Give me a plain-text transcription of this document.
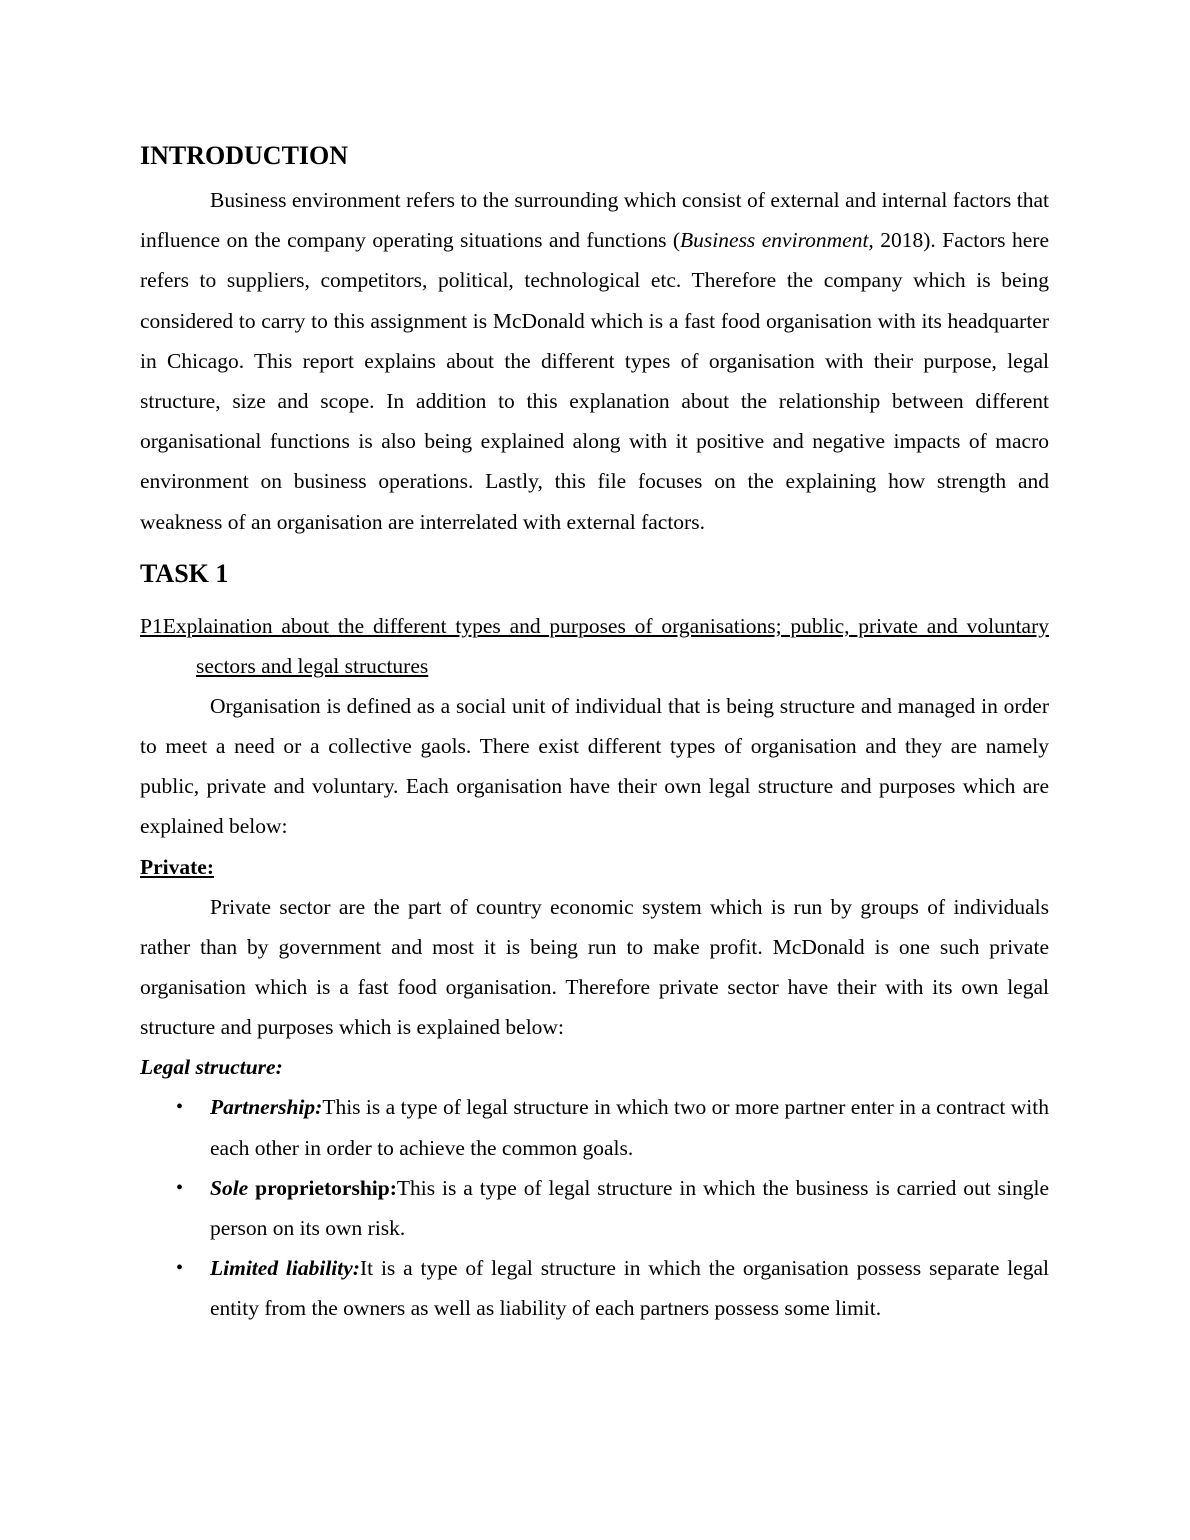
INTRODUCTION

Business environment refers to the surrounding which consist of external and internal factors that influence on the company operating situations and functions (Business environment, 2018). Factors here refers to suppliers, competitors, political, technological etc. Therefore the company which is being considered to carry to this assignment is McDonald which is a fast food organisation with its headquarter in Chicago. This report explains about the different types of organisation with their purpose, legal structure, size and scope. In addition to this explanation about the relationship between different organisational functions is also being explained along with it positive and negative impacts of macro environment on business operations. Lastly, this file focuses on the explaining how strength and weakness of an organisation are interrelated with external factors.

TASK 1

P1Explaination about the different types and purposes of organisations; public, private and voluntary sectors and legal structures

Organisation is defined as a social unit of individual that is being structure and managed in order to meet a need or a collective gaols. There exist different types of organisation and they are namely public, private and voluntary. Each organisation have their own legal structure and purposes which are explained below:

Private:

Private sector are the part of country economic system which is run by groups of individuals rather than by government and most it is being run to make profit. McDonald is one such private organisation which is a fast food organisation. Therefore private sector have their with its own legal structure and purposes which is explained below:

Legal structure:

• Partnership:This is a type of legal structure in which two or more partner enter in a contract with each other in order to achieve the common goals.
• Sole proprietorship:This is a type of legal structure in which the business is carried out single person on its own risk.
• Limited liability:It is a type of legal structure in which the organisation possess separate legal entity from the owners as well as liability of each partners possess some limit.
